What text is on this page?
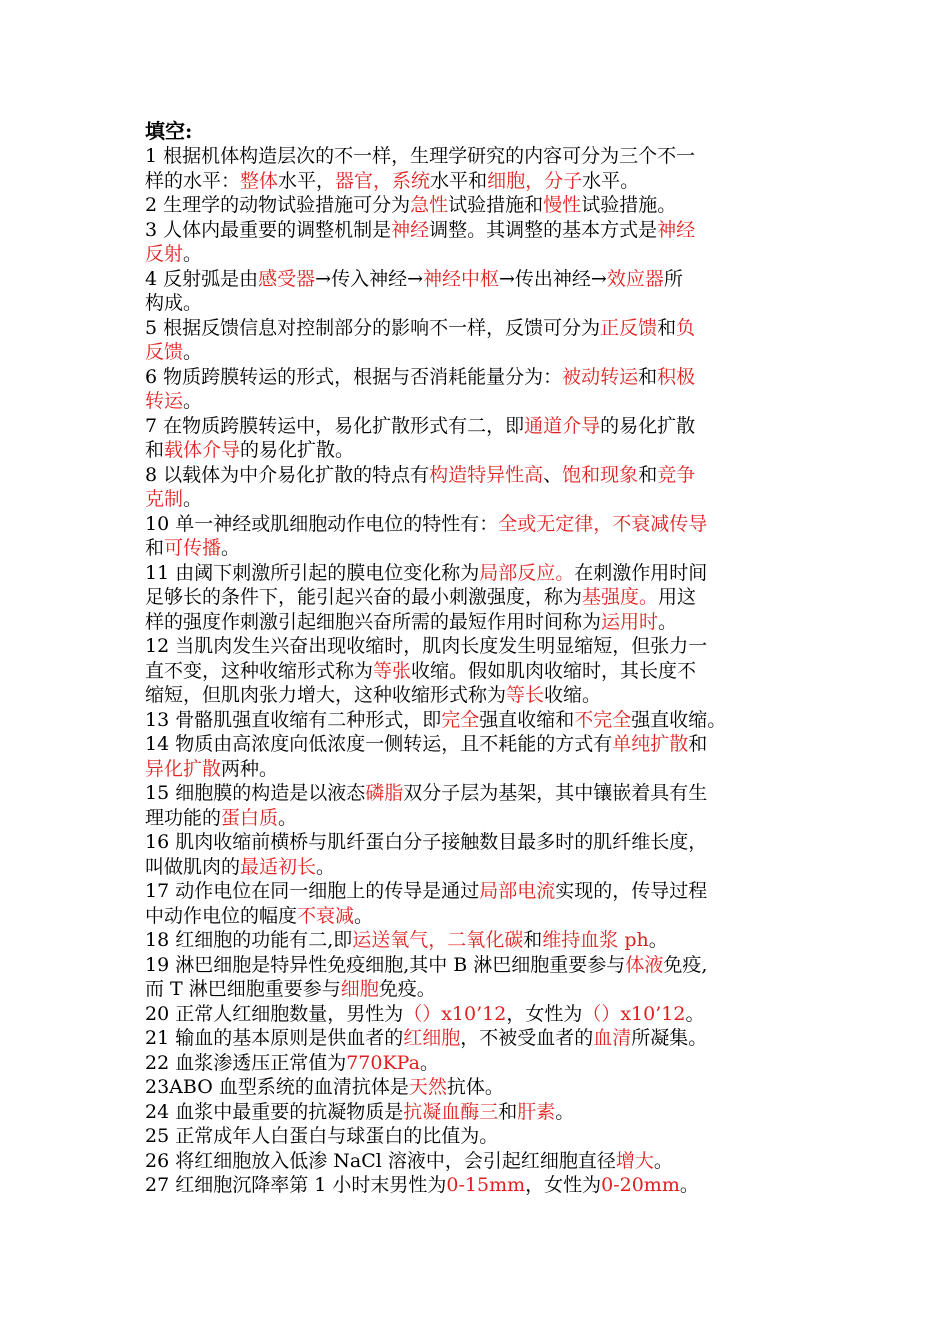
填空:
1 根据机体构造层次的不一样，生理学研究的内容可分为三个不一
样的水平：整体水平，器官，系统水平和细胞，分子水平。
2 生理学的动物试验措施可分为急性试验措施和慢性试验措施。
3 人体内最重要的调整机制是神经调整。其调整的基本方式是神经
反射。
4 反射弧是由感受器→传入神经→神经中枢→传出神经→效应器所
构成。
5 根据反馈信息对控制部分的影响不一样，反馈可分为正反馈和负
反馈。
6 物质跨膜转运的形式，根据与否消耗能量分为：被动转运和积极
转运。
7 在物质跨膜转运中，易化扩散形式有二，即通道介导的易化扩散
和载体介导的易化扩散。
8 以载体为中介易化扩散的特点有构造特异性高、饱和现象和竞争
克制。
10 单一神经或肌细胞动作电位的特性有：全或无定律，不衰减传导
和可传播。
11 由阈下刺激所引起的膜电位变化称为局部反应。在刺激作用时间
足够长的条件下，能引起兴奋的最小刺激强度，称为基强度。用这
样的强度作刺激引起细胞兴奋所需的最短作用时间称为运用时。
12 当肌肉发生兴奋出现收缩时，肌肉长度发生明显缩短，但张力一
直不变，这种收缩形式称为等张收缩。假如肌肉收缩时，其长度不
缩短，但肌肉张力增大，这种收缩形式称为等长收缩。
13 骨骼肌强直收缩有二种形式，即完全强直收缩和不完全强直收缩。
14 物质由高浓度向低浓度一侧转运，且不耗能的方式有单纯扩散和
异化扩散两种。
15 细胞膜的构造是以液态磷脂双分子层为基架，其中镶嵌着具有生
理功能的蛋白质。
16 肌肉收缩前横桥与肌纤蛋白分子接触数目最多时的肌纤维长度，
叫做肌肉的最适初长。
17 动作电位在同一细胞上的传导是通过局部电流实现的，传导过程
中动作电位的幅度不衰减。
18 红细胞的功能有二,即运送氧气，二氧化碳和维持血浆 ph。
19 淋巴细胞是特异性免疫细胞,其中 B 淋巴细胞重要参与体液免疫,
而 T 淋巴细胞重要参与细胞免疫。
20 正常人红细胞数量，男性为（）x10’12，女性为（）x10’12。
21 输血的基本原则是供血者的红细胞，不被受血者的血清所凝集。
22 血浆渗透压正常值为770KPa。
23ABO 血型系统的血清抗体是天然抗体。
24 血浆中最重要的抗凝物质是抗凝血酶三和肝素。
25 正常成年人白蛋白与球蛋白的比值为。
26 将红细胞放入低渗 NaCl 溶液中，会引起红细胞直径增大。
27 红细胞沉降率第 1 小时末男性为0-15mm，女性为0-20mm。
